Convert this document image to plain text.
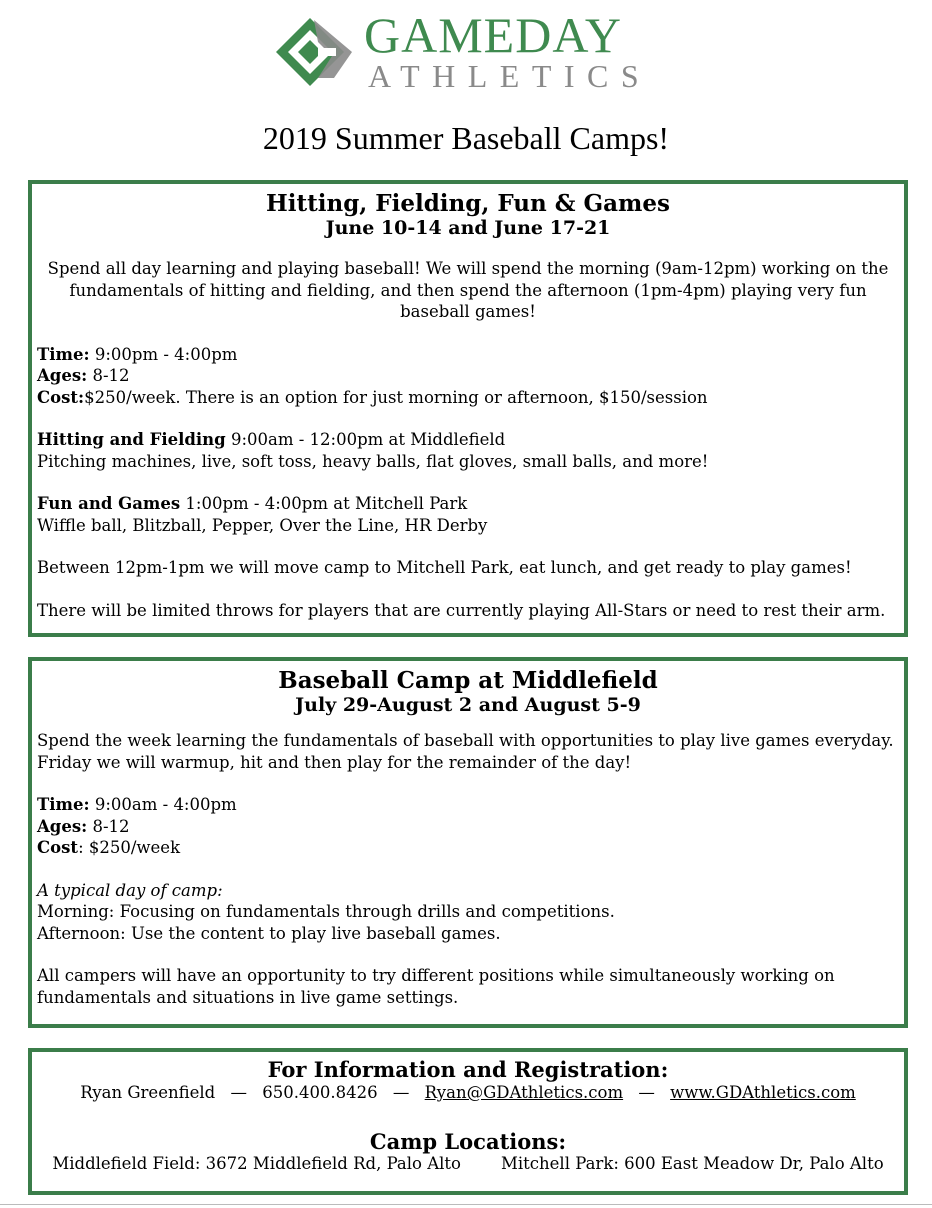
GAMEDAY
ATHLETICS
2019 Summer Baseball Camps!

Hitting, Fielding, Fun & Games

June 10-14 and June 17-21

Spend all day learning and playing baseball! We will spend the morning (9am-12pm) working on the fundamentals of hitting and fielding, and then spend the afternoon (1pm-4pm) playing very fun baseball games!

Time: 9:00pm - 4:00pm

Ages: 8-12

Cost:$250/week. There is an option for just morning or afternoon, $150/session

Hitting and Fielding 9:00am - 12:00pm at Middlefield

Pitching machines, live, soft toss, heavy balls, flat gloves, small balls, and more!

Fun and Games 1:00pm - 4:00pm at Mitchell Park

Wiffle ball, Blitzball, Pepper, Over the Line, HR Derby

Between 12pm-1pm we will move camp to Mitchell Park, eat lunch, and get ready to play games!

There will be limited throws for players that are currently playing All-Stars or need to rest their arm.

Baseball Camp at Middlefield

July 29-August 2 and August 5-9

Spend the week learning the fundamentals of baseball with opportunities to play live games everyday. Friday we will warmup, hit and then play for the remainder of the day!

Time: 9:00am - 4:00pm

Ages: 8-12

Cost: $250/week

A typical day of camp:

Morning: Focusing on fundamentals through drills and competitions.

Afternoon: Use the content to play live baseball games.

All campers will have an opportunity to try different positions while simultaneously working on fundamentals and situations in live game settings.

For Information and Registration:

Ryan Greenfield — 650.400.8426 — Ryan@GDAthletics.com — www.GDAthletics.com

Camp Locations:

Middlefield Field: 3672 Middlefield Rd, Palo Alto Mitchell Park: 600 East Meadow Dr, Palo Alto
